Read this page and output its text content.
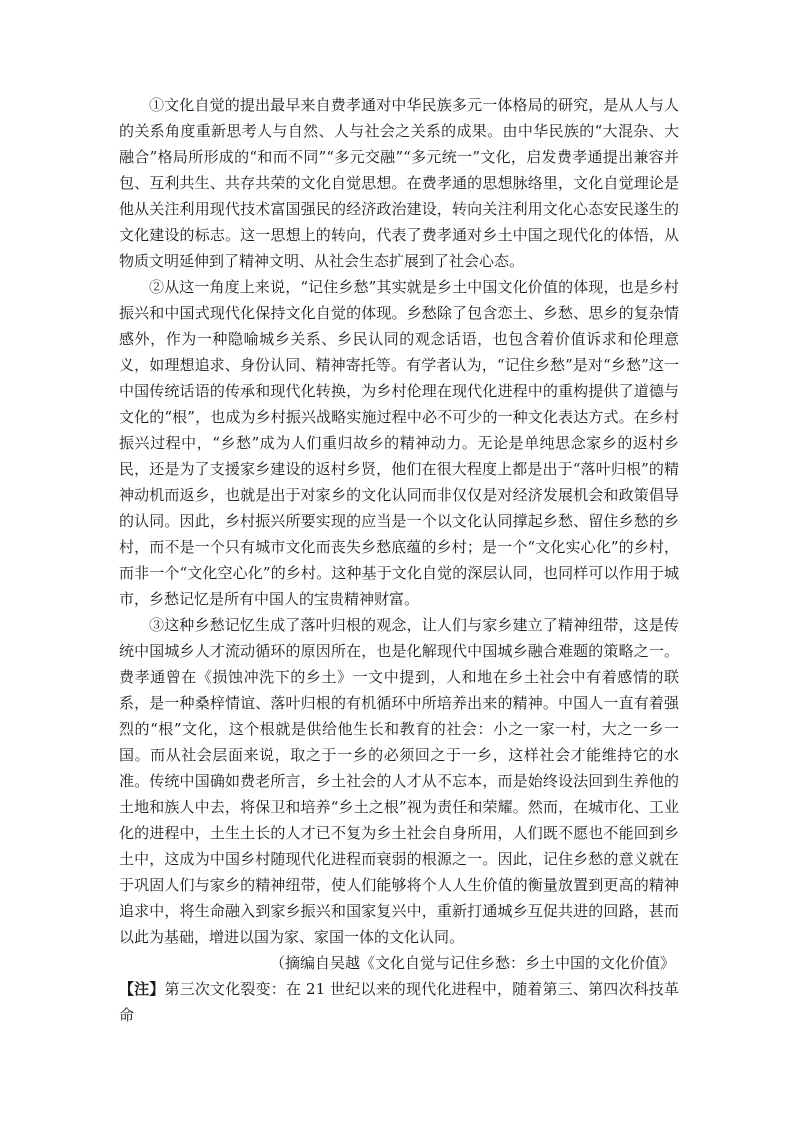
①文化自觉的提出最早来自费孝通对中华民族多元一体格局的研究，是从人与人的关系角度重新思考人与自然、人与社会之关系的成果。由中华民族的“大混杂、大融合”格局所形成的“和而不同”“多元交融”“多元统一”文化，启发费孝通提出兼容并包、互利共生、共存共荣的文化自觉思想。在费孝通的思想脉络里，文化自觉理论是他从关注利用现代技术富国强民的经济政治建设，转向关注利用文化心态安民遂生的文化建设的标志。这一思想上的转向，代表了费孝通对乡土中国之现代化的体悟，从物质文明延伸到了精神文明、从社会生态扩展到了社会心态。

②从这一角度上来说，“记住乡愁”其实就是乡土中国文化价值的体现，也是乡村振兴和中国式现代化保持文化自觉的体现。乡愁除了包含恋土、乡愁、思乡的复杂情感外，作为一种隐喻城乡关系、乡民认同的观念话语，也包含着价值诉求和伦理意义，如理想追求、身份认同、精神寄托等。有学者认为，“记住乡愁”是对“乡愁”这一中国传统话语的传承和现代化转换，为乡村伦理在现代化进程中的重构提供了道德与文化的“根”，也成为乡村振兴战略实施过程中必不可少的一种文化表达方式。在乡村振兴过程中，“乡愁”成为人们重归故乡的精神动力。无论是单纯思念家乡的返村乡民，还是为了支援家乡建设的返村乡贤，他们在很大程度上都是出于“落叶归根”的精神动机而返乡，也就是出于对家乡的文化认同而非仅仅是对经济发展机会和政策倡导的认同。因此，乡村振兴所要实现的应当是一个以文化认同撑起乡愁、留住乡愁的乡村，而不是一个只有城市文化而丧失乡愁底蕴的乡村；是一个“文化实心化”的乡村，而非一个“文化空心化”的乡村。这种基于文化自觉的深层认同，也同样可以作用于城市，乡愁记忆是所有中国人的宝贵精神财富。

③这种乡愁记忆生成了落叶归根的观念，让人们与家乡建立了精神纽带，这是传统中国城乡人才流动循环的原因所在，也是化解现代中国城乡融合难题的策略之一。费孝通曾在《损蚀冲洗下的乡土》一文中提到，人和地在乡土社会中有着感情的联系，是一种桑梓情谊、落叶归根的有机循环中所培养出来的精神。中国人一直有着强烈的“根”文化，这个根就是供给他生长和教育的社会：小之一家一村，大之一乡一国。而从社会层面来说，取之于一乡的必须回之于一乡，这样社会才能维持它的水准。传统中国确如费老所言，乡土社会的人才从不忘本，而是始终设法回到生养他的土地和族人中去，将保卫和培养“乡土之根”视为责任和荣耀。然而，在城市化、工业化的进程中，土生土长的人才已不复为乡土社会自身所用，人们既不愿也不能回到乡土中，这成为中国乡村随现代化进程而衰弱的根源之一。因此，记住乡愁的意义就在于巩固人们与家乡的精神纽带，使人们能够将个人人生价值的衡量放置到更高的精神追求中，将生命融入到家乡振兴和国家复兴中，重新打通城乡互促共进的回路，甚而以此为基础，增进以国为家、家国一体的文化认同。

（摘编自吴越《文化自觉与记住乡愁：乡土中国的文化价值》

【注】第三次文化裂变：在 21 世纪以来的现代化进程中，随着第三、第四次科技革命
